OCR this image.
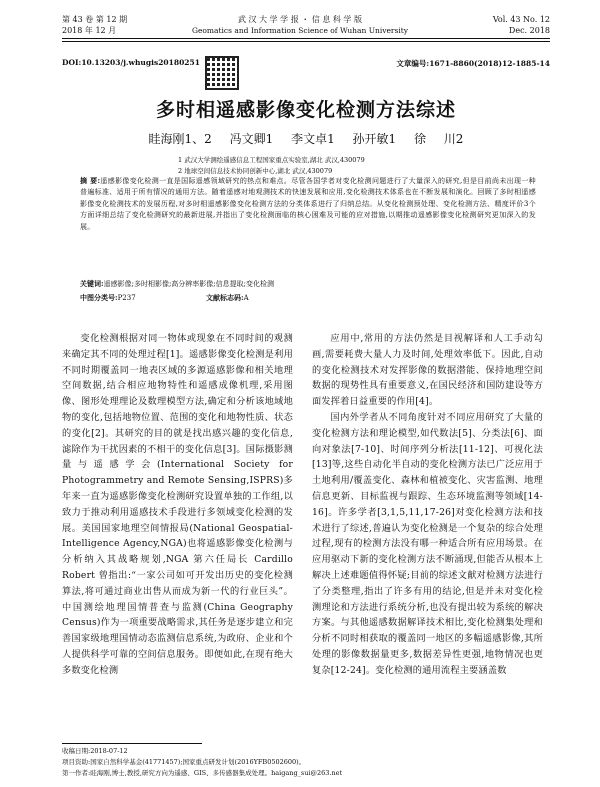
第 43 卷 第 12 期
2018 年 12 月
武 汉 大 学 学 报 ・ 信 息 科 学 版
Geomatics and Information Science of Wuhan University
Vol. 43 No. 12
Dec. 2018
DOI:10.13203/j.whugis20180251	文章编号:1671-8860(2018)12-1885-14
多时相遥感影像变化检测方法综述
眭海刚1、2 冯文卿1 李文卓1 孙开敏1 徐 川2
1 武汉大学测绘遥感信息工程国家重点实验室,湖北 武汉,430079
2 地球空间信息技术协同创新中心,湖北 武汉,430079
摘 要:遥感影像变化检测一直是国际遥感领域研究的热点和难点。尽管各国学者对变化检测问题进行了大量深入的研究,但是目前尚未出现一种普遍标准、适用于所有情况的通用方法。随着遥感对地观测技术的快速发展和应用,变化检测技术体系也在不断发展和演化。回顾了多时相遥感影像变化检测技术的发展历程,对多时相遥感影像变化检测方法的分类体系进行了归纳总结。从变化检测预处理、变化检测方法、精度评价3个方面详细总结了变化检测研究的最新进展,并指出了变化检测面临的核心困难及可能的应对措施,以期推动遥感影像变化检测研究更加深入的发展。
关键词:遥感影像;多时相影像;高分辨率影像;信息提取;变化检测
中图分类号:P237	文献标志码:A

变化检测根据对同一物体或现象在不同时间的观测来确定其不同的处理过程[1]。遥感影像变化检测是利用不同时期覆盖同一地表区域的多源遥感影像和相关地理空间数据,结合相应地物特性和遥感成像机理,采用图像、图形处理理论及数理模型方法,确定和分析该地域地物的变化,包括地物位置、范围的变化和地物性质、状态的变化[2]。其研究的目的就是找出感兴趣的变化信息,滤除作为干扰因素的不相干的变化信息[3]。国际摄影测量与遥感学会(International Society for Photogrammetry and Remote Sensing,ISPRS)多年来一直为遥感影像变化检测研究设置单独的工作组,以致力于推动利用遥感技术手段进行多领域变化检测的发展。美国国家地理空间情报局(National Geospatial-Intelligence Agency,NGA)也将遥感影像变化检测与分析纳入其战略规划,NGA 第六任局长 Cardillo Robert 曾指出:“一家公司如可开发出历史的变化检测算法,将可通过商业出售从而成为新一代的行业巨头”。中国测绘地理国情普查与监测(China Geography Census)作为一项重要战略需求,其任务是逐步建立和完善国家级地理国情动态监测信息系统,为政府、企业和个人提供科学可靠的空间信息服务。即便如此,在现有绝大多数变化检测

应用中,常用的方法仍然是目视解译和人工手动勾画,需要耗费大量人力及时间,处理效率低下。因此,自动的变化检测技术对发挥影像的数据潜能、保持地理空间数据的现势性具有重要意义,在国民经济和国防建设等方面发挥着日益重要的作用[4]。

国内外学者从不同角度针对不同应用研究了大量的变化检测方法和理论模型,如代数法[5]、分类法[6]、面向对象法[7-10]、时间序列分析法[11-12]、可视化法[13]等,这些自动化半自动的变化检测方法已广泛应用于土地利用/覆盖变化、森林和植被变化、灾害监测、地理信息更新、目标监视与跟踪、生态环境监测等领域[14-16]。许多学者[3,1,5,11,17-26]对变化检测方法和技术进行了综述,普遍认为变化检测是一个复杂的综合处理过程,现有的检测方法没有哪一种适合所有应用场景。在应用驱动下新的变化检测方法不断涌现,但能否从根本上解决上述难题值得怀疑;目前的综述文献对检测方法进行了分类整理,指出了许多有用的结论,但是并未对变化检测理论和方法进行系统分析,也没有提出较为系统的解决方案。与其他遥感数据解译技术相比,变化检测集处理和分析不同时相获取的覆盖同一地区的多幅遥感影像,其所处理的影像数据量更多,数据差异性更强,地物情况也更复杂[12-24]。变化检测的通用流程主要涵盖数

收稿日期:2018-07-12
项目资助:国家自然科学基金(41771457);国家重点研发计划(2016YFB0502600)。
第一作者:眭海刚,博士,教授,研究方向为遥感、GIS、多传感器集成处理。haigang_sui@263.net
